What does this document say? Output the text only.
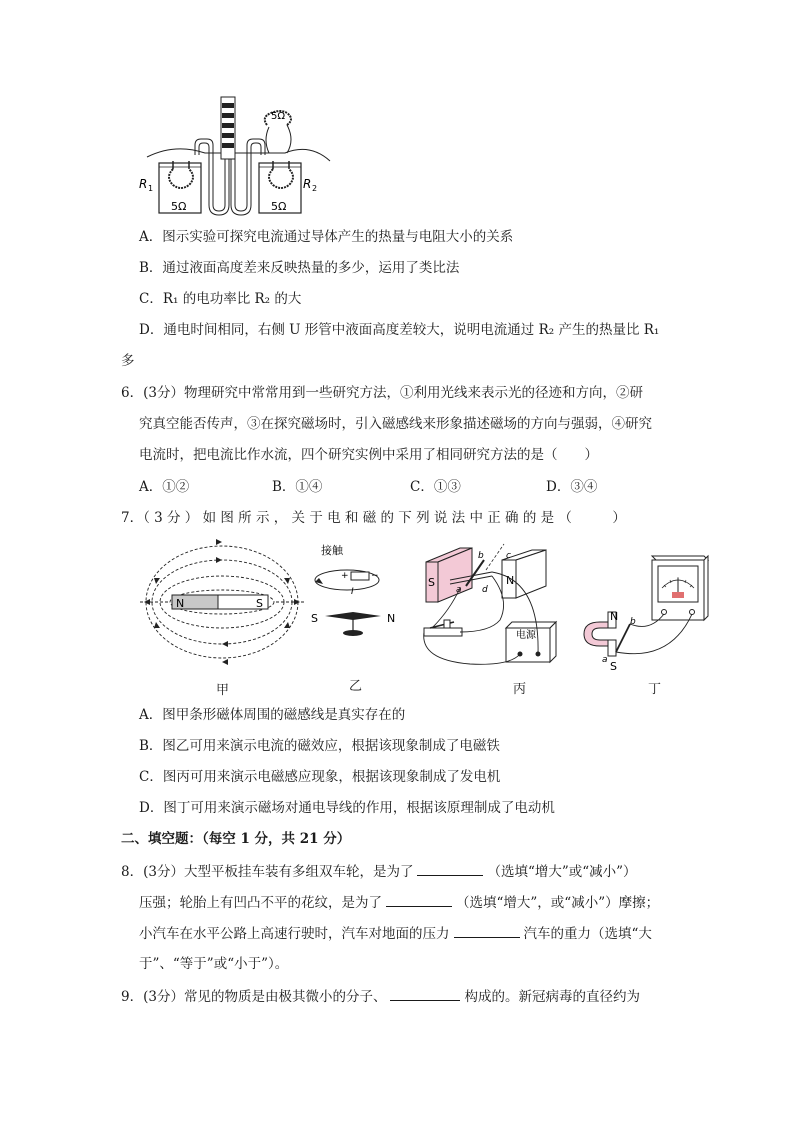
R 1	R 2
5Ω
5Ω
5Ω
A．图示实验可探究电流通过导体产生的热量与电阻大小的关系
B．通过液面高度差来反映热量的多少，运用了类比法
C．R₁ 的电功率比 R₂ 的大
D．通电时间相同，右侧 U 形管中液面高度差较大，说明电流通过 R₂ 产生的热量比 R₁
多
6．(3分）物理研究中常常用到一些研究方法，①利用光线来表示光的径迹和方向，②研
究真空能否传声，③在探究磁场时，引入磁感线来形象描述磁场的方向与强弱，④研究
电流时，把电流比作水流，四个研究实例中采用了相同研究方法的是（　　）
A．①②	B．①④	C．①③	D．③④
7．（ 3 分 ） 如 图 所 示 ， 关 于 电 和 磁 的 下 列 说 法 中 正 确 的 是 （　　　）
N	S
甲
接触
+ −
I
S	N
乙
S	N
b c
a d
电源
丙
N
S
a
b
丁
A．图甲条形磁体周围的磁感线是真实存在的
B．图乙可用来演示电流的磁效应，根据该现象制成了电磁铁
C．图丙可用来演示电磁感应现象，根据该现象制成了发电机
D．图丁可用来演示磁场对通电导线的作用，根据该原理制成了电动机
二、填空题：（每空 1 分，共 21 分）
8．(3分）大型平板挂车装有多组双车轮，是为了	（选填“增大”或“减小”）
压强；轮胎上有凹凸不平的花纹，是为了	（选填“增大”，或“减小”）摩擦；
小汽车在水平公路上高速行驶时，汽车对地面的压力	汽车的重力（选填“大
于”、“等于”或“小于”）。
9．(3分）常见的物质是由极其微小的分子、	构成的。新冠病毒的直径约为
